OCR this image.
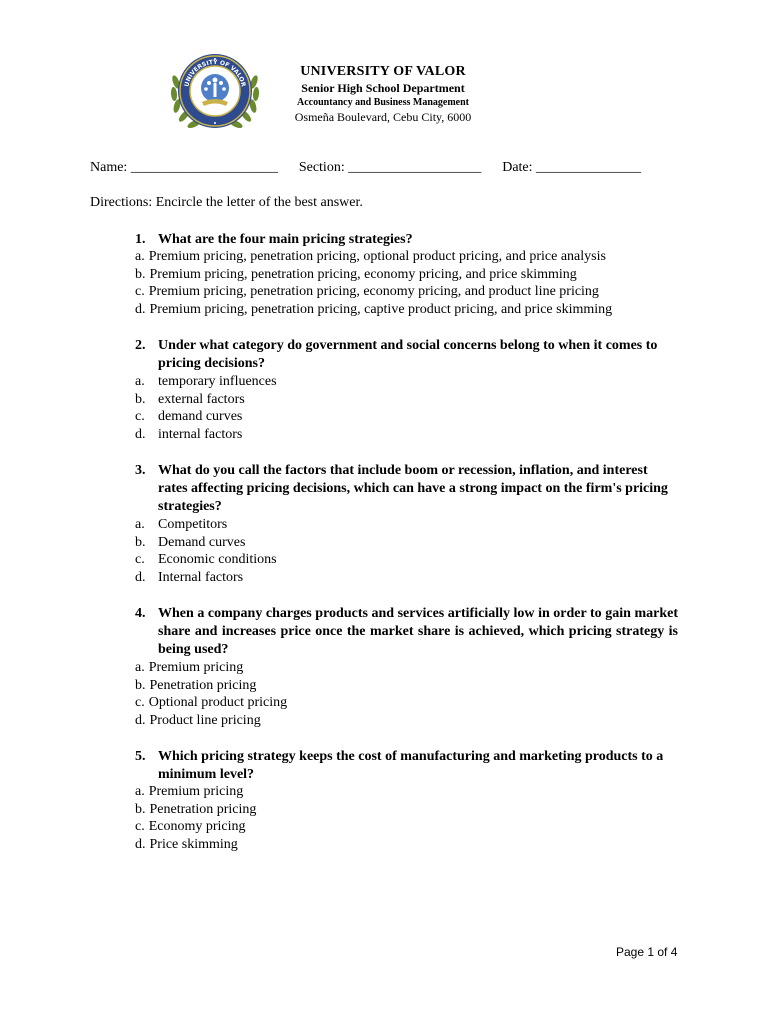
UNIVERSITY OF VALOR
UNIVERSITY OF VALOR
Senior High School Department
Accountancy and Business Management
Osmeña Boulevard, Cebu City, 6000
Name: _____________________ Section: ___________________ Date: _______________
Directions: Encircle the letter of the best answer.
1. What are the four main pricing strategies?
a. Premium pricing, penetration pricing, optional product pricing, and price analysis
b. Premium pricing, penetration pricing, economy pricing, and price skimming
c. Premium pricing, penetration pricing, economy pricing, and product line pricing
d. Premium pricing, penetration pricing, captive product pricing, and price skimming
2. Under what category do government and social concerns belong to when it comes to pricing decisions?
a. temporary influences
b. external factors
c. demand curves
d. internal factors
3. What do you call the factors that include boom or recession, inflation, and interest rates affecting pricing decisions, which can have a strong impact on the firm's pricing strategies?
a. Competitors
b. Demand curves
c. Economic conditions
d. Internal factors
4. When a company charges products and services artificially low in order to gain market share and increases price once the market share is achieved, which pricing strategy is being used?
a. Premium pricing
b. Penetration pricing
c. Optional product pricing
d. Product line pricing
5. Which pricing strategy keeps the cost of manufacturing and marketing products to a minimum level?
a. Premium pricing
b. Penetration pricing
c. Economy pricing
d. Price skimming
Page 1 of 4
